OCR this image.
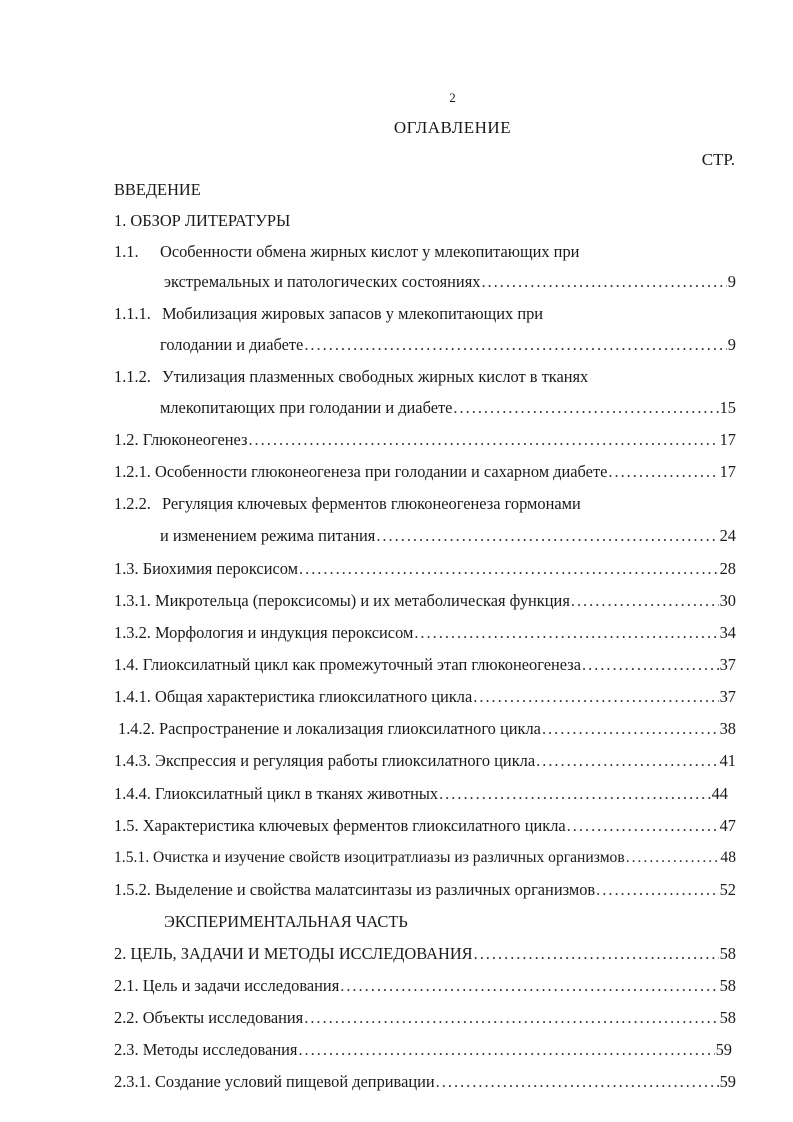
2
ОГЛАВЛЕНИЕ
СТР.
ВВЕДЕНИЕ
1. ОБЗОР ЛИТЕРАТУРЫ
1.1. Особенности обмена жирных кислот у млекопитающих при
экстремальных и патологических состояниях .....	9
1.1.1. Мобилизация жировых запасов у млекопитающих при
голодании и диабете .....	9
1.1.2. Утилизация плазменных свободных жирных кислот в тканях
млекопитающих при голодании и диабете .....	15
1.2. Глюконеогенез .....	17
1.2.1. Особенности глюконеогенеза при голодании и сахарном диабете .....	17
1.2.2. Регуляция ключевых ферментов глюконеогенеза гормонами
и изменением режима питания .....	24
1.3. Биохимия пероксисом .....	28
1.3.1. Микротельца (пероксисомы) и их метаболическая функция .....	30
1.3.2. Морфология и индукция пероксисом .....	34
1.4. Глиоксилатный цикл как промежуточный этап глюконеогенеза .....	37
1.4.1. Общая характеристика глиоксилатного цикла .....	37
1.4.2. Распространение и локализация глиоксилатного цикла .....	38
1.4.3. Экспрессия и регуляция работы глиоксилатного цикла .....	41
1.4.4. Глиоксилатный цикл в тканях животных .....	44
1.5. Характеристика ключевых ферментов глиоксилатного цикла .....	47
1.5.1. Очистка и изучение свойств изоцитратлиазы из различных организмов .....	48
1.5.2. Выделение и свойства малатсинтазы из различных организмов .....	52
ЭКСПЕРИМЕНТАЛЬНАЯ ЧАСТЬ
2. ЦЕЛЬ, ЗАДАЧИ И МЕТОДЫ ИССЛЕДОВАНИЯ .....	58
2.1. Цель и задачи исследования .....	58
2.2. Объекты исследования .....	58
2.3. Методы исследования .....	59
2.3.1. Создание условий пищевой депривации .....	59
